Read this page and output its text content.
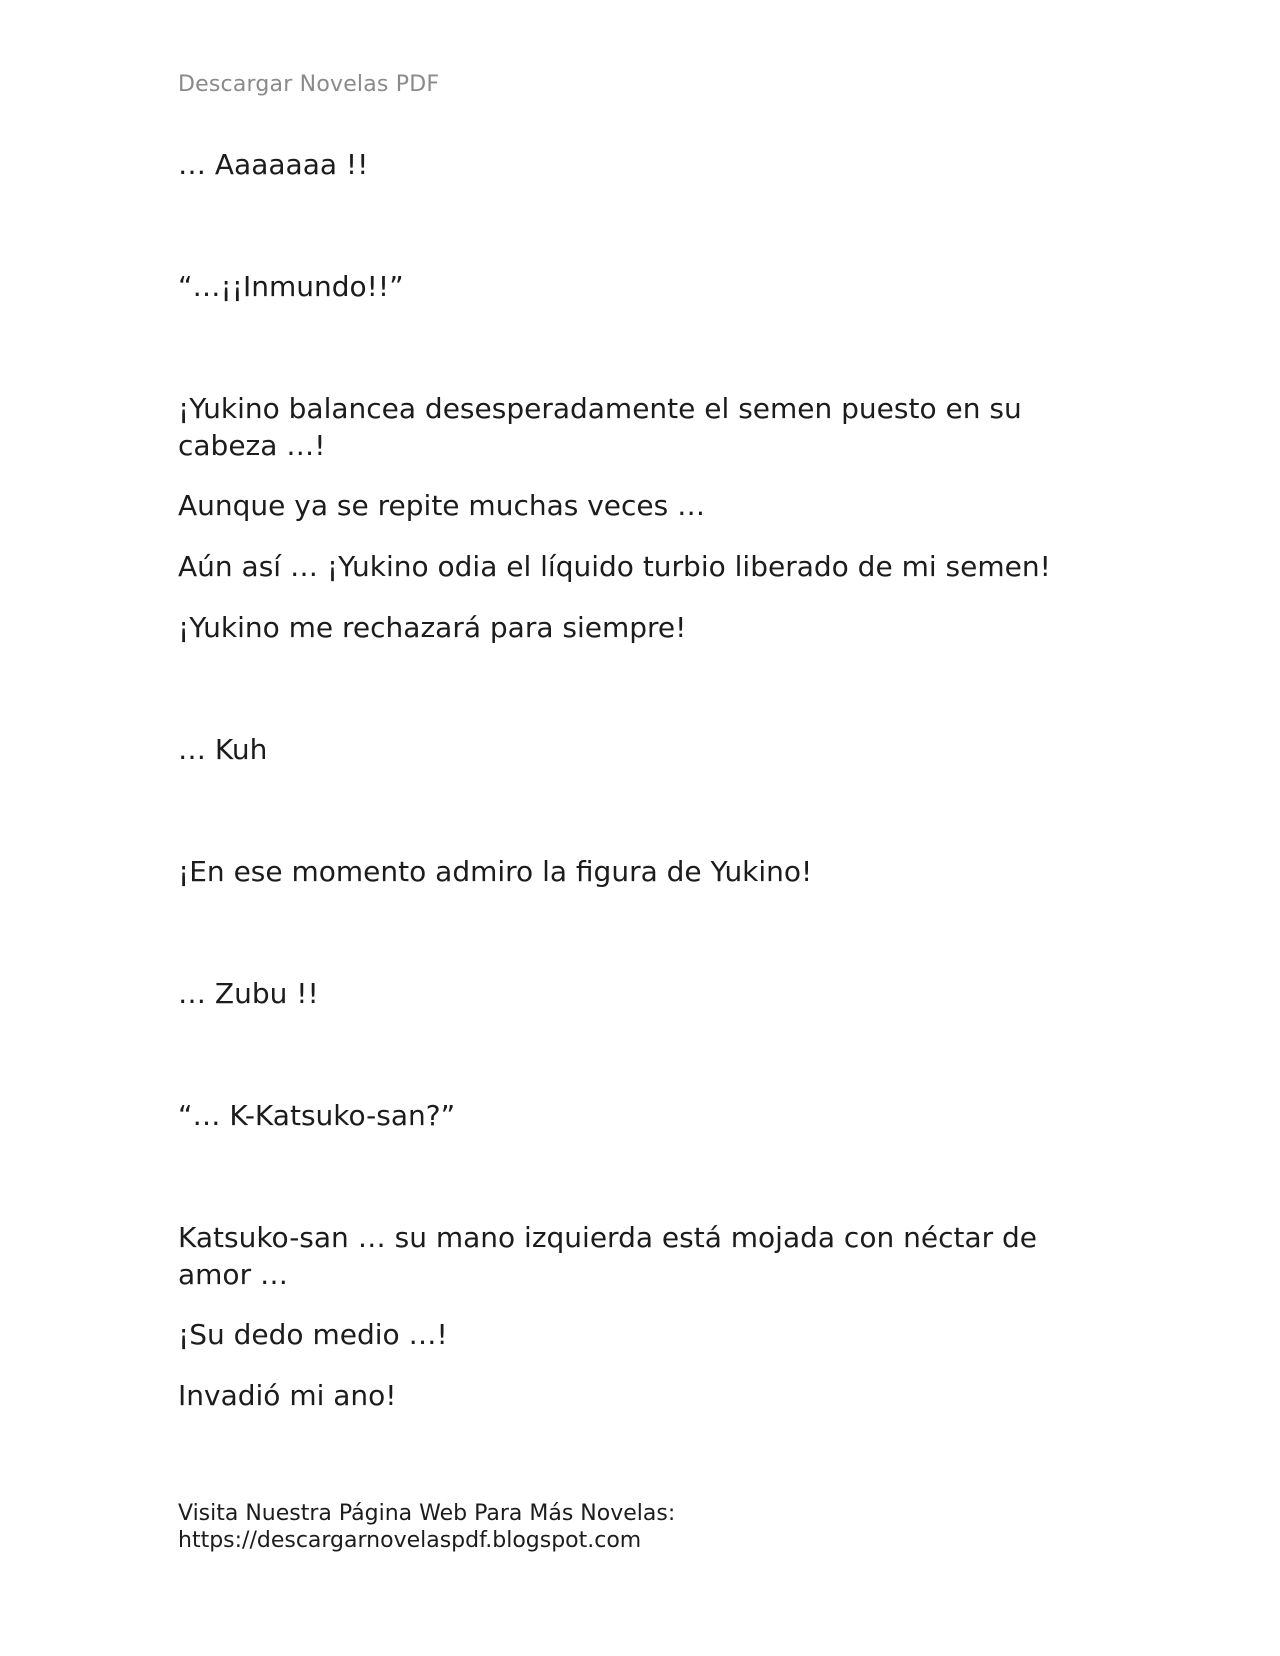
Descargar Novelas PDF
… Aaaaaaa !!
“…¡¡Inmundo!!”
¡Yukino balancea desesperadamente el semen puesto en su cabeza …!
Aunque ya se repite muchas veces …
Aún así … ¡Yukino odia el líquido turbio liberado de mi semen!
¡Yukino me rechazará para siempre!
… Kuh
¡En ese momento admiro la figura de Yukino!
… Zubu !!
“… K-Katsuko-san?”
Katsuko-san … su mano izquierda está mojada con néctar de amor …
¡Su dedo medio …!
Invadió mi ano!
Visita Nuestra Página Web Para Más Novelas:
https://descargarnovelaspdf.blogspot.com
